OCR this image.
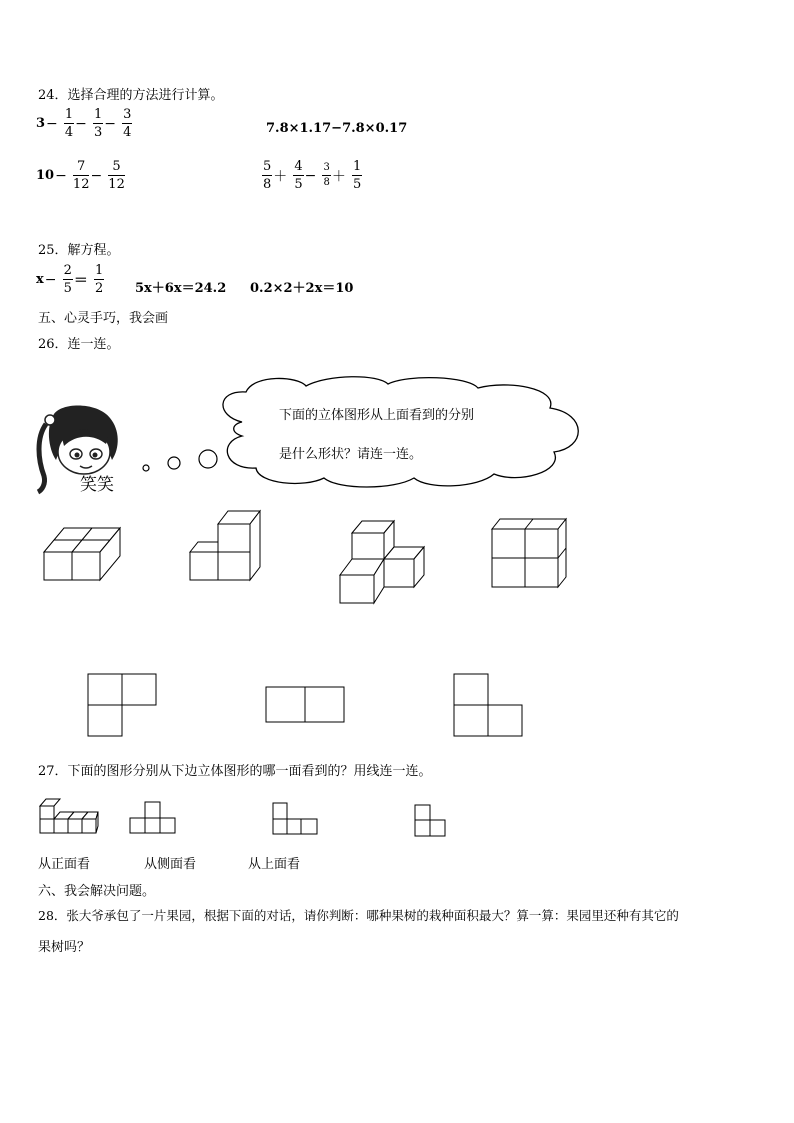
24．选择合理的方法进行计算。
$3- \frac{1}{4} - \frac{1}{3} - \frac{3}{4}$	7.8×1.17−7.8×0.17
$10- \frac{7}{12} - \frac{5}{12}$	$\frac{5}{8} + \frac{4}{5} - \frac{3}{8} + \frac{1}{5}$
25．解方程。
$x- \frac{2}{5} = \frac{1}{2} 5x+6x=24.2$ 0.2×2＋2x＝10
五、心灵手巧，我会画
26．连一连。
笑笑
下面的立体图形从上面看到的分别
是什么形状？请连一连。
27．下面的图形分别从下边立体图形的哪一面看到的？用线连一连。
从正面看	从侧面看	从上面看
六、我会解决问题。
28．张大爷承包了一片果园，根据下面的对话，请你判断：哪种果树的栽种面积最大？算一算：果园里还种有其它的
果树吗？
